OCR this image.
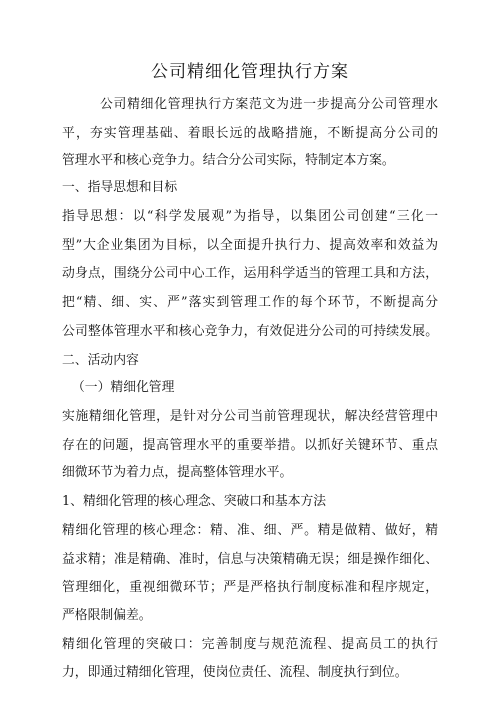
公司精细化管理执行方案
公司精细化管理执行方案范文为进一步提高分公司管理水
平，夯实管理基础、着眼长远的战略措施，不断提高分公司的
管理水平和核心竞争力。结合分公司实际，特制定本方案。
一、指导思想和目标
指导思想：以“科学发展观”为指导，以集团公司创建“三化一
型”大企业集团为目标，以全面提升执行力、提高效率和效益为
动身点，围绕分公司中心工作，运用科学适当的管理工具和方法，
把“精、细、实、严”落实到管理工作的每个环节，不断提高分
公司整体管理水平和核心竞争力，有效促进分公司的可持续发展。
二、活动内容
（一）精细化管理
实施精细化管理，是针对分公司当前管理现状，解决经营管理中
存在的问题，提高管理水平的重要举措。以抓好关键环节、重点
细微环节为着力点，提高整体管理水平。
1、精细化管理的核心理念、突破口和基本方法
精细化管理的核心理念：精、准、细、严。精是做精、做好，精
益求精；准是精确、准时，信息与决策精确无误；细是操作细化、
管理细化，重视细微环节；严是严格执行制度标准和程序规定，
严格限制偏差。
精细化管理的突破口：完善制度与规范流程、提高员工的执行
力，即通过精细化管理，使岗位责任、流程、制度执行到位。
